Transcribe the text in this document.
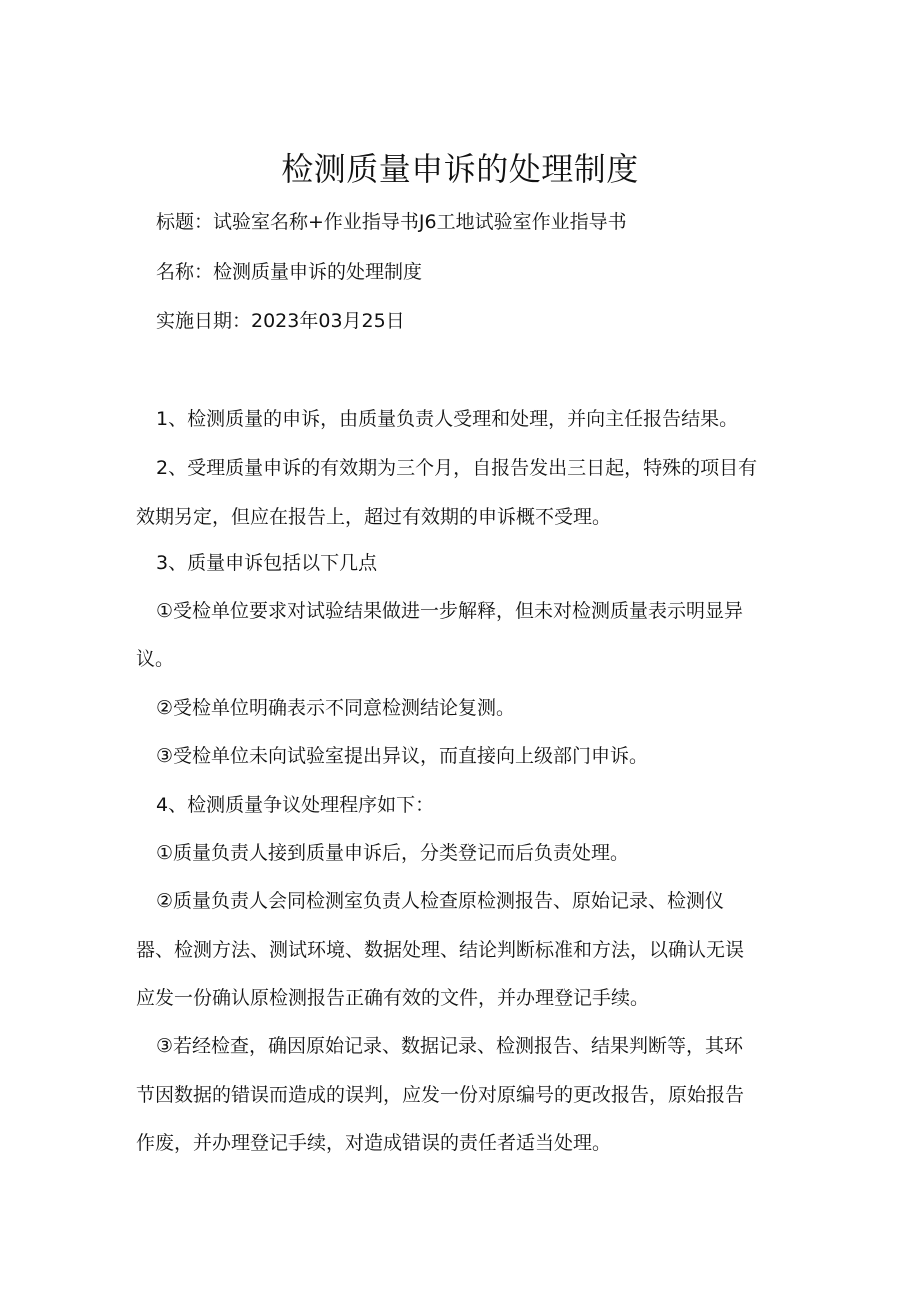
检测质量申诉的处理制度
标题：试验室名称+作业指导书J6工地试验室作业指导书
名称：检测质量申诉的处理制度
实施日期：2023年03月25日
1、检测质量的申诉，由质量负责人受理和处理，并向主任报告结果。
2、受理质量申诉的有效期为三个月，自报告发出三日起，特殊的项目有
效期另定，但应在报告上，超过有效期的申诉概不受理。
3、质量申诉包括以下几点
①受检单位要求对试验结果做进一步解释，但未对检测质量表示明显异
议。
②受检单位明确表示不同意检测结论复测。
③受检单位未向试验室提出异议，而直接向上级部门申诉。
4、检测质量争议处理程序如下：
①质量负责人接到质量申诉后，分类登记而后负责处理。
②质量负责人会同检测室负责人检查原检测报告、原始记录、检测仪
器、检测方法、测试环境、数据处理、结论判断标准和方法，以确认无误
应发一份确认原检测报告正确有效的文件，并办理登记手续。
③若经检查，确因原始记录、数据记录、检测报告、结果判断等，其环
节因数据的错误而造成的误判，应发一份对原编号的更改报告，原始报告
作废，并办理登记手续，对造成错误的责任者适当处理。
